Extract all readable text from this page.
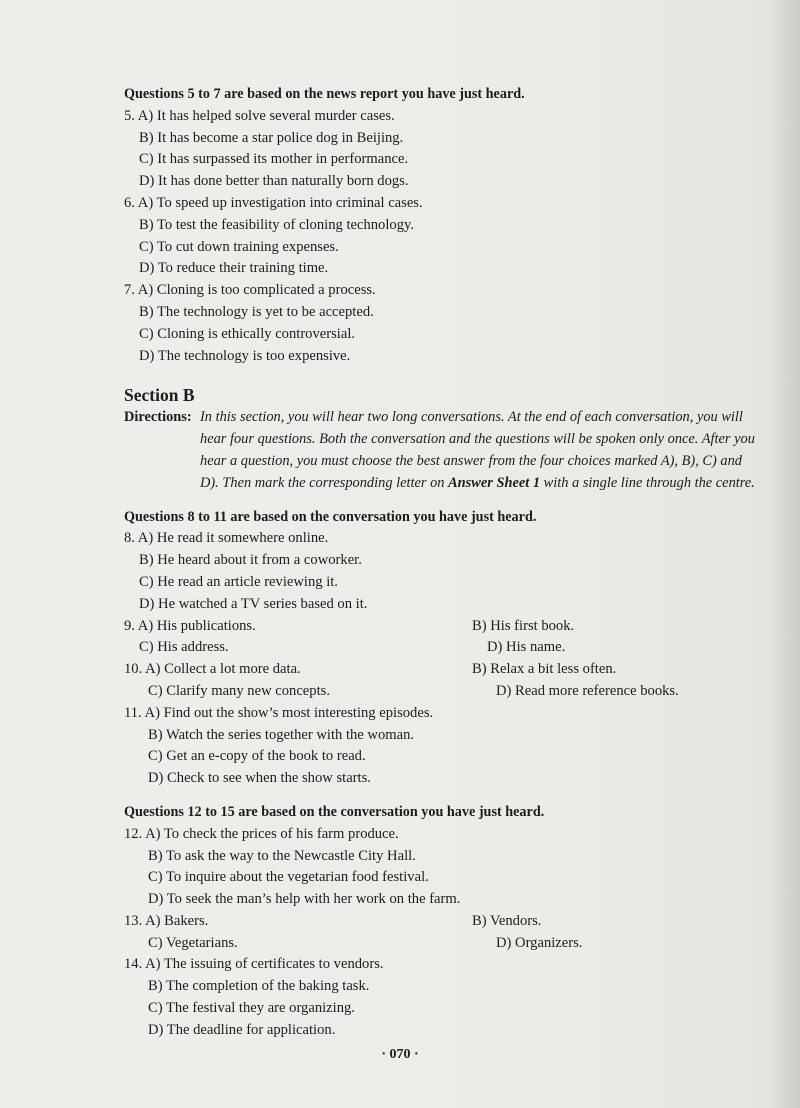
Questions 5 to 7 are based on the news report you have just heard.
5. A) It has helped solve several murder cases.
B) It has become a star police dog in Beijing.
C) It has surpassed its mother in performance.
D) It has done better than naturally born dogs.
6. A) To speed up investigation into criminal cases.
B) To test the feasibility of cloning technology.
C) To cut down training expenses.
D) To reduce their training time.
7. A) Cloning is too complicated a process.
B) The technology is yet to be accepted.
C) Cloning is ethically controversial.
D) The technology is too expensive.
Section B
Directions: In this section, you will hear two long conversations. At the end of each conversation, you will
hear four questions. Both the conversation and the questions will be spoken only once. After you
hear a question, you must choose the best answer from the four choices marked A), B), C) and
D). Then mark the corresponding letter on Answer Sheet 1 with a single line through the centre.
Questions 8 to 11 are based on the conversation you have just heard.
8. A) He read it somewhere online.
B) He heard about it from a coworker.
C) He read an article reviewing it.
D) He watched a TV series based on it.
9. A) His publications.	B) His first book.
C) His address.	D) His name.
10. A) Collect a lot more data.	B) Relax a bit less often.
C) Clarify many new concepts.	D) Read more reference books.
11. A) Find out the show’s most interesting episodes.
B) Watch the series together with the woman.
C) Get an e-copy of the book to read.
D) Check to see when the show starts.
Questions 12 to 15 are based on the conversation you have just heard.
12. A) To check the prices of his farm produce.
B) To ask the way to the Newcastle City Hall.
C) To inquire about the vegetarian food festival.
D) To seek the man’s help with her work on the farm.
13. A) Bakers.	B) Vendors.
C) Vegetarians.	D) Organizers.
14. A) The issuing of certificates to vendors.
B) The completion of the baking task.
C) The festival they are organizing.
D) The deadline for application.
· 070 ·
